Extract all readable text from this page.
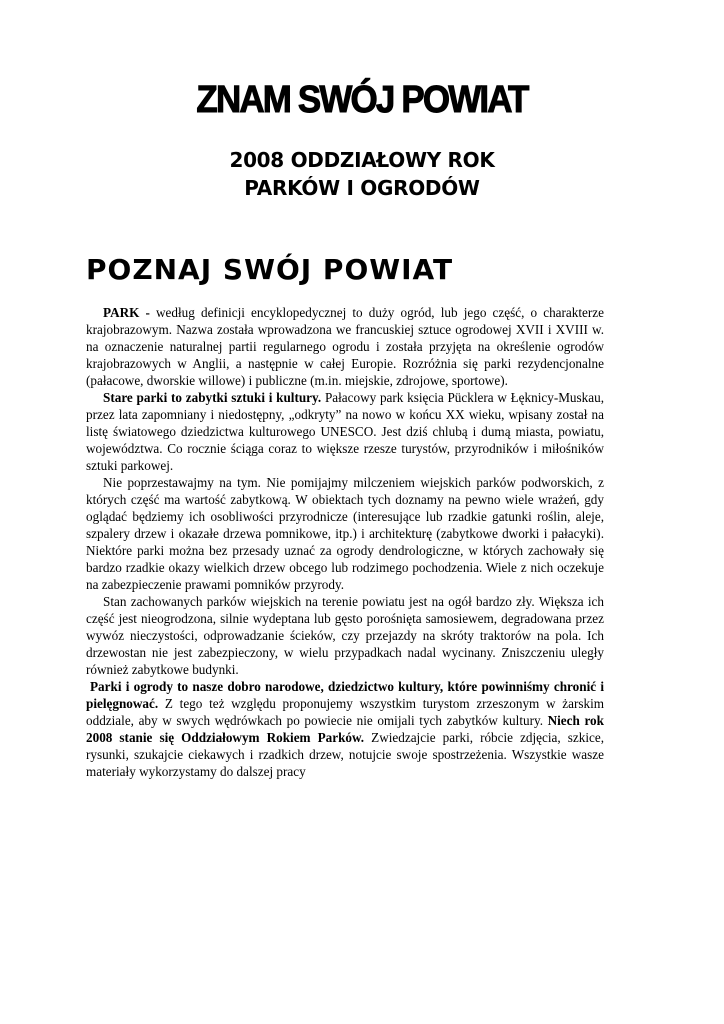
ZNAM SWÓJ POWIAT
2008 ODDZIAŁOWY ROK
PARKÓW I OGRODÓW
POZNAJ SWÓJ POWIAT

PARK - według definicji encyklopedycznej to duży ogród, lub jego część, o charakterze krajobrazowym. Nazwa została wprowadzona we francuskiej sztuce ogrodowej XVII i XVIII w. na oznaczenie naturalnej partii regularnego ogrodu i została przyjęta na określenie ogrodów krajobrazowych w Anglii, a następnie w całej Europie. Rozróżnia się parki rezydencjonalne (pałacowe, dworskie willowe) i publiczne (m.in. miejskie, zdrojowe, sportowe).

Stare parki to zabytki sztuki i kultury. Pałacowy park księcia Pücklera w Łęknicy-Muskau, przez lata zapomniany i niedostępny, „odkryty” na nowo w końcu XX wieku, wpisany został na listę światowego dziedzictwa kulturowego UNESCO. Jest dziś chlubą i dumą miasta, powiatu, województwa. Co rocznie ściąga coraz to większe rzesze turystów, przyrodników i miłośników sztuki parkowej.

Nie poprzestawajmy na tym. Nie pomijajmy milczeniem wiejskich parków podworskich, z których część ma wartość zabytkową. W obiektach tych doznamy na pewno wiele wrażeń, gdy oglądać będziemy ich osobliwości przyrodnicze (interesujące lub rzadkie gatunki roślin, aleje, szpalery drzew i okazałe drzewa pomnikowe, itp.) i architekturę (zabytkowe dworki i pałacyki). Niektóre parki można bez przesady uznać za ogrody dendrologiczne, w których zachowały się bardzo rzadkie okazy wielkich drzew obcego lub rodzimego pochodzenia. Wiele z nich oczekuje na zabezpieczenie prawami pomników przyrody.

Stan zachowanych parków wiejskich na terenie powiatu jest na ogół bardzo zły. Większa ich część jest nieogrodzona, silnie wydeptana lub gęsto porośnięta samosiewem, degradowana przez wywóz nieczystości, odprowadzanie ścieków, czy przejazdy na skróty traktorów na pola. Ich drzewostan nie jest zabezpieczony, w wielu przypadkach nadal wycinany. Zniszczeniu uległy również zabytkowe budynki.

Parki i ogrody to nasze dobro narodowe, dziedzictwo kultury, które powinniśmy chronić i pielęgnować. Z tego też względu proponujemy wszystkim turystom zrzeszonym w żarskim oddziale, aby w swych wędrówkach po powiecie nie omijali tych zabytków kultury. Niech rok 2008 stanie się Oddziałowym Rokiem Parków. Zwiedzajcie parki, róbcie zdjęcia, szkice, rysunki, szukajcie ciekawych i rzadkich drzew, notujcie swoje spostrzeżenia. Wszystkie wasze materiały wykorzystamy do dalszej pracy
